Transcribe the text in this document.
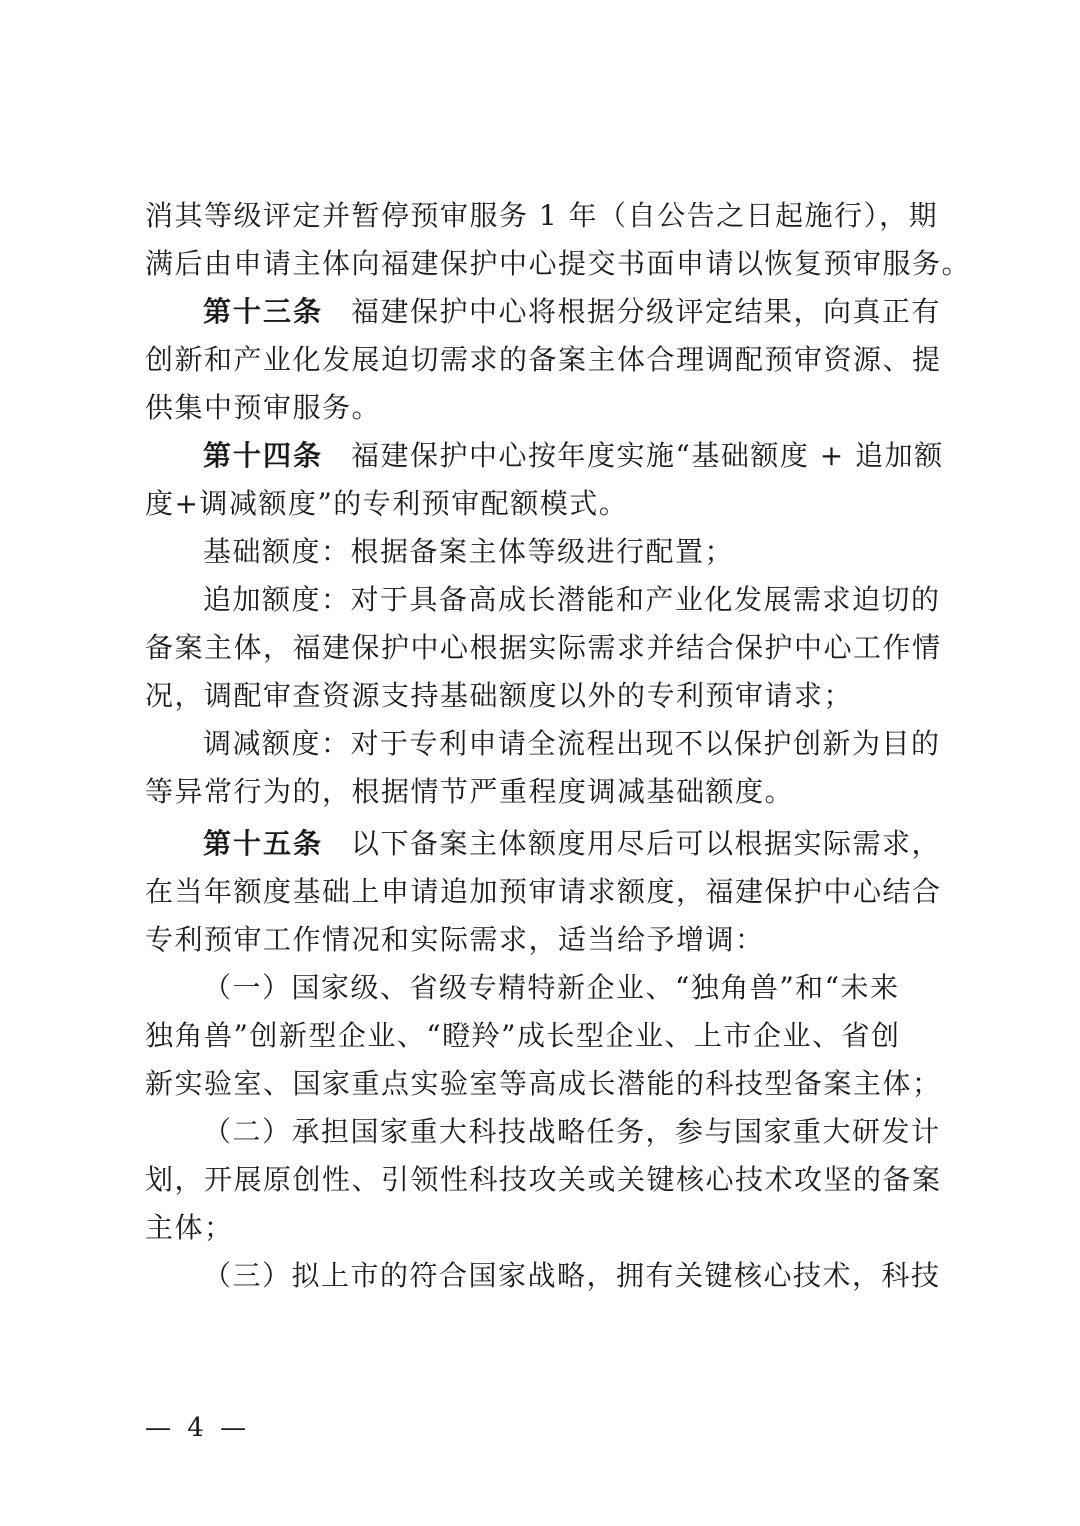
消其等级评定并暂停预审服务 1 年（自公告之日起施行），期
满后由申请主体向福建保护中心提交书面申请以恢复预审服务。
第十三条 福建保护中心将根据分级评定结果，向真正有
创新和产业化发展迫切需求的备案主体合理调配预审资源、提
供集中预审服务。
第十四条 福建保护中心按年度实施“基础额度 + 追加额
度+调减额度”的专利预审配额模式。
基础额度：根据备案主体等级进行配置；
追加额度：对于具备高成长潜能和产业化发展需求迫切的
备案主体，福建保护中心根据实际需求并结合保护中心工作情
况，调配审查资源支持基础额度以外的专利预审请求；
调减额度：对于专利申请全流程出现不以保护创新为目的
等异常行为的，根据情节严重程度调减基础额度。
第十五条 以下备案主体额度用尽后可以根据实际需求，
在当年额度基础上申请追加预审请求额度，福建保护中心结合
专利预审工作情况和实际需求，适当给予增调：
（一）国家级、省级专精特新企业、“独角兽”和“未来
独角兽”创新型企业、“瞪羚”成长型企业、上市企业、省创
新实验室、国家重点实验室等高成长潜能的科技型备案主体；
（二）承担国家重大科技战略任务，参与国家重大研发计
划，开展原创性、引领性科技攻关或关键核心技术攻坚的备案
主体；
（三）拟上市的符合国家战略，拥有关键核心技术，科技
— 4 —
